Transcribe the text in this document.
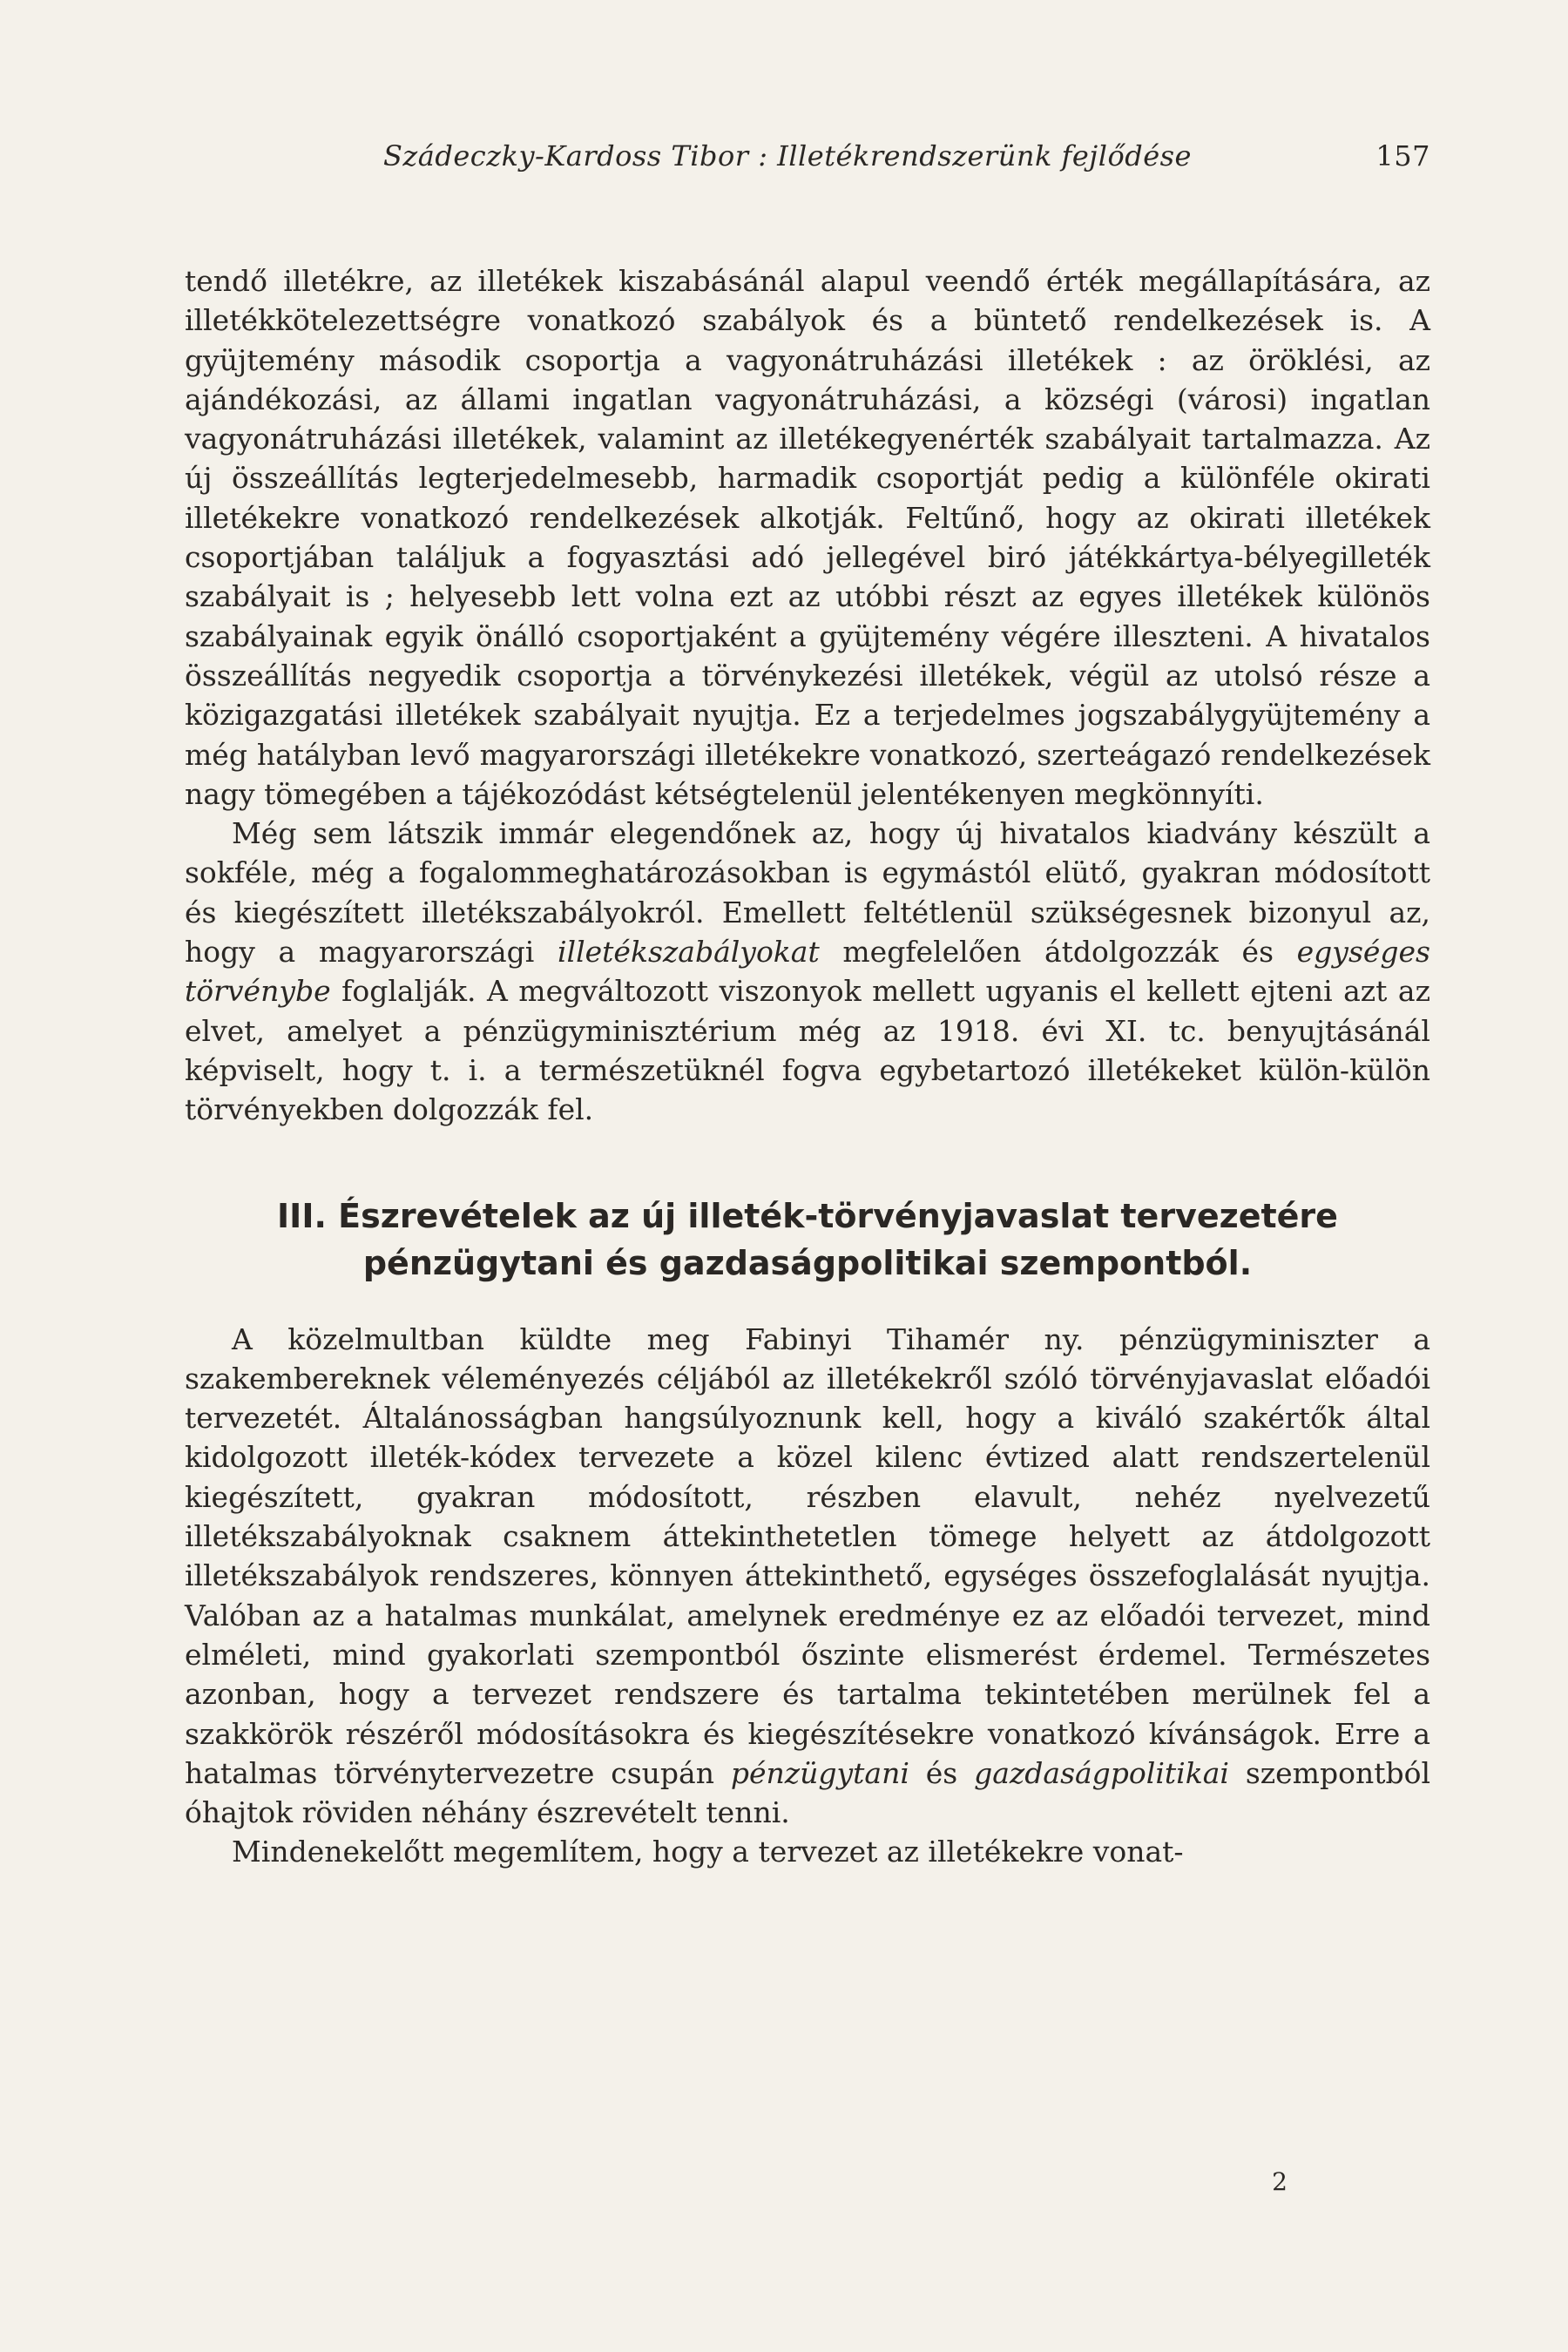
Szádeczky-Kardoss Tibor : Illetékrendszerünk fejlődése	157

tendő illetékre, az illetékek kiszabásánál alapul veendő érték megállapítására, az illetékkötelezettségre vonatkozó szabályok és a büntető rendelkezések is. A gyüjtemény második csoportja a vagyonátruházási illetékek : az öröklési, az ajándékozási, az állami ingatlan vagyonátruházási, a községi (városi) ingatlan vagyonátruházási illetékek, valamint az illetékegyenérték szabályait tartalmazza. Az új összeállítás legterjedelmesebb, harmadik csoportját pedig a különféle okirati illetékekre vonatkozó rendelkezések alkotják. Feltűnő, hogy az okirati illetékek csoportjában találjuk a fogyasztási adó jellegével biró játékkártya-bélyegilleték szabályait is ; helyesebb lett volna ezt az utóbbi részt az egyes illetékek különös szabályainak egyik önálló csoportjaként a gyüjtemény végére illeszteni. A hivatalos összeállítás negyedik csoportja a törvénykezési illetékek, végül az utolsó része a közigazgatási illetékek szabályait nyujtja. Ez a terjedelmes jogszabálygyüjtemény a még hatályban levő magyarországi illetékekre vonatkozó, szerteágazó rendelkezések nagy tömegében a tájékozódást kétségtelenül jelentékenyen megkönnyíti.

Még sem látszik immár elegendőnek az, hogy új hivatalos kiadvány készült a sokféle, még a fogalommeghatározásokban is egymástól elütő, gyakran módosított és kiegészített illetékszabályokról. Emellett feltétlenül szükségesnek bizonyul az, hogy a magyarországi illetékszabályokat megfelelően átdolgozzák és egységes törvénybe foglalják. A megváltozott viszonyok mellett ugyanis el kellett ejteni azt az elvet, amelyet a pénzügyminisztérium még az 1918. évi XI. tc. benyujtásánál képviselt, hogy t. i. a természetüknél fogva egybetartozó illetékeket külön-külön törvényekben dolgozzák fel.

III. Észrevételek az új illeték-törvényjavaslat tervezetére
pénzügytani és gazdaságpolitikai szempontból.

A közelmultban küldte meg Fabinyi Tihamér ny. pénzügyminiszter a szakembereknek véleményezés céljából az illetékekről szóló törvényjavaslat előadói tervezetét. Általánosságban hangsúlyoznunk kell, hogy a kiváló szakértők által kidolgozott illeték-kódex tervezete a közel kilenc évtized alatt rendszertelenül kiegészített, gyakran módosított, részben elavult, nehéz nyelvezetű illetékszabályoknak csaknem áttekinthetetlen tömege helyett az átdolgozott illetékszabályok rendszeres, könnyen áttekinthető, egységes összefoglalását nyujtja. Valóban az a hatalmas munkálat, amelynek eredménye ez az előadói tervezet, mind elméleti, mind gyakorlati szempontból őszinte elismerést érdemel. Természetes azonban, hogy a tervezet rendszere és tartalma tekintetében merülnek fel a szakkörök részéről módosításokra és kiegészítésekre vonatkozó kívánságok. Erre a hatalmas törvénytervezetre csupán pénzügytani és gazdaságpolitikai szempontból óhajtok röviden néhány észrevételt tenni.

Mindenekelőtt megemlítem, hogy a tervezet az illetékekre vonat-

2
